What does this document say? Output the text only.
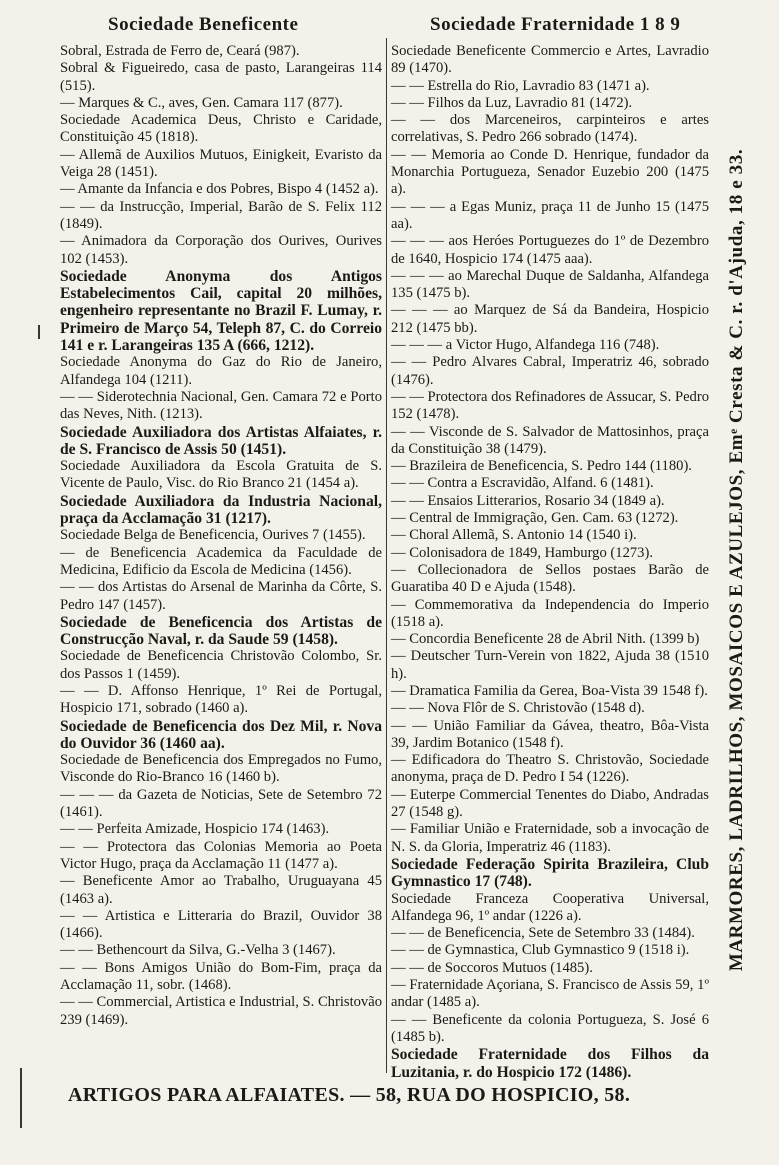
Sociedade Beneficente	Sociedade Fraternidade 1 8 9
Sobral, Estrada de Ferro de, Ceará (987).
Sobral & Figueiredo, casa de pasto, Larangeiras 114 (515).
— Marques & C., aves, Gen. Camara 117 (877).
Sociedade Academica Deus, Christo e Caridade, Constituição 45 (1818).
— Allemã de Auxilios Mutuos, Einigkeit, Evaristo da Veiga 28 (1451).
— Amante da Infancia e dos Pobres, Bispo 4 (1452 a).
— — da Instrucção, Imperial, Barão de S. Felix 112 (1849).
— Animadora da Corporação dos Ourives, Ourives 102 (1453).
Sociedade Anonyma dos Antigos Estabelecimentos Cail, capital 20 milhões, engenheiro representante no Brazil F. Lumay, r. Primeiro de Março 54, Teleph 87, C. do Correio 141 e r. Larangeiras 135 A (666, 1212).
Sociedade Anonyma do Gaz do Rio de Janeiro, Alfandega 104 (1211).
— — Siderotechnia Nacional, Gen. Camara 72 e Porto das Neves, Nith. (1213).
Sociedade Auxiliadora dos Artistas Alfaiates, r. de S. Francisco de Assis 50 (1451).
Sociedade Auxiliadora da Escola Gratuita de S. Vicente de Paulo, Visc. do Rio Branco 21 (1454 a).
Sociedade Auxiliadora da Industria Nacional, praça da Acclamação 31 (1217).
Sociedade Belga de Beneficencia, Ourives 7 (1455).
— de Beneficencia Academica da Faculdade de Medicina, Edificio da Escola de Medicina (1456).
— — dos Artistas do Arsenal de Marinha da Côrte, S. Pedro 147 (1457).
Sociedade de Beneficencia dos Artistas de Construcção Naval, r. da Saude 59 (1458).
Sociedade de Beneficencia Christovão Colombo, Sr. dos Passos 1 (1459).
— — D. Affonso Henrique, 1º Rei de Portugal, Hospicio 171, sobrado (1460 a).
Sociedade de Beneficencia dos Dez Mil, r. Nova do Ouvidor 36 (1460 aa).
Sociedade de Beneficencia dos Empregados no Fumo, Visconde do Rio-Branco 16 (1460 b).
— — — da Gazeta de Noticias, Sete de Setembro 72 (1461).
— — Perfeita Amizade, Hospicio 174 (1463).
— — Protectora das Colonias Memoria ao Poeta Victor Hugo, praça da Acclamação 11 (1477 a).
— Beneficente Amor ao Trabalho, Uruguayana 45 (1463 a).
— — Artistica e Litteraria do Brazil, Ouvidor 38 (1466).
— — Bethencourt da Silva, G.-Velha 3 (1467).
— — Bons Amigos União do Bom-Fim, praça da Acclamação 11, sobr. (1468).
— — Commercial, Artistica e Industrial, S. Christovão 239 (1469).
Sociedade Beneficente Commercio e Artes, Lavradio 89 (1470).
— — Estrella do Rio, Lavradio 83 (1471 a).
— — Filhos da Luz, Lavradio 81 (1472).
— — dos Marceneiros, carpinteiros e artes correlativas, S. Pedro 266 sobrado (1474).
— — Memoria ao Conde D. Henrique, fundador da Monarchia Portugueza, Senador Euzebio 200 (1475 a).
— — — a Egas Muniz, praça 11 de Junho 15 (1475 aa).
— — — aos Heróes Portuguezes do 1º de Dezembro de 1640, Hospicio 174 (1475 aaa).
— — — ao Marechal Duque de Saldanha, Alfandega 135 (1475 b).
— — — ao Marquez de Sá da Bandeira, Hospicio 212 (1475 bb).
— — — a Victor Hugo, Alfandega 116 (748).
— — Pedro Alvares Cabral, Imperatriz 46, sobrado (1476).
— — Protectora dos Refinadores de Assucar, S. Pedro 152 (1478).
— — Visconde de S. Salvador de Mattosinhos, praça da Constituição 38 (1479).
— Brazileira de Beneficencia, S. Pedro 144 (1180).
— — Contra a Escravidão, Alfand. 6 (1481).
— — Ensaios Litterarios, Rosario 34 (1849 a).
— Central de Immigração, Gen. Cam. 63 (1272).
— Choral Allemã, S. Antonio 14 (1540 i).
— Colonisadora de 1849, Hamburgo (1273).
— Collecionadora de Sellos postaes Barão de Guaratiba 40 D e Ajuda (1548).
— Commemorativa da Independencia do Imperio (1518 a).
— Concordia Beneficente 28 de Abril Nith. (1399 b)
— Deutscher Turn-Verein von 1822, Ajuda 38 (1510 h).
— Dramatica Familia da Gerea, Boa-Vista 39 1548 f).
— — Nova Flôr de S. Christovão (1548 d).
— — União Familiar da Gávea, theatro, Bôa-Vista 39, Jardim Botanico (1548 f).
— Edificadora do Theatro S. Christovão, Sociedade anonyma, praça de D. Pedro I 54 (1226).
— Euterpe Commercial Tenentes do Diabo, Andradas 27 (1548 g).
— Familiar União e Fraternidade, sob a invocação de N. S. da Gloria, Imperatriz 46 (1183).
Sociedade Federação Spirita Brazileira, Club Gymnastico 17 (748).
Sociedade Franceza Cooperativa Universal, Alfandega 96, 1º andar (1226 a).
— — de Beneficencia, Sete de Setembro 33 (1484).
— — de Gymnastica, Club Gymnastico 9 (1518 i).
— — de Soccoros Mutuos (1485).
— Fraternidade Açoriana, S. Francisco de Assis 59, 1º andar (1485 a).
— — Beneficente da colonia Portugueza, S. José 6 (1485 b).
Sociedade Fraternidade dos Filhos da Luzitania, r. do Hospicio 172 (1486).
MARMORES, LADRILHOS, MOSAICOS E AZULEJOS, Emᵉ Cresta & C. r. d'Ajuda, 18 e 33.
ARTIGOS PARA ALFAIATES. — 58, RUA DO HOSPICIO, 58.
